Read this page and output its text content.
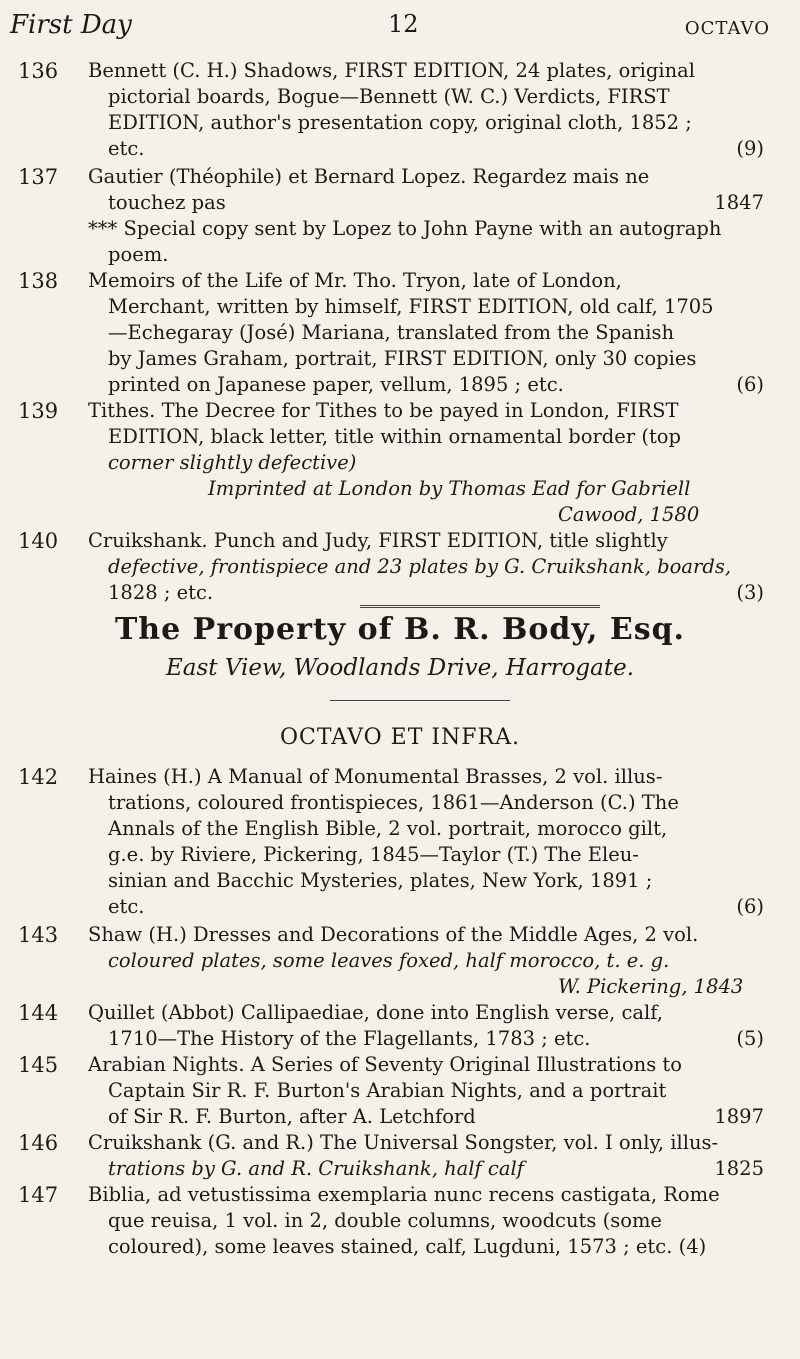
First Day	12	OCTAVO
136 Bennett (C. H.) Shadows, FIRST EDITION, 24 plates, original
pictorial boards, Bogue—Bennett (W. C.) Verdicts, FIRST
EDITION, author's presentation copy, original cloth, 1852 ;
etc.	(9)
137 Gautier (Théophile) et Bernard Lopez. Regardez mais ne
touchez pas	1847
*** Special copy sent by Lopez to John Payne with an autograph
poem.
138 Memoirs of the Life of Mr. Tho. Tryon, late of London,
Merchant, written by himself, FIRST EDITION, old calf, 1705
—Echegaray (José) Mariana, translated from the Spanish
by James Graham, portrait, FIRST EDITION, only 30 copies
printed on Japanese paper, vellum, 1895 ; etc.	(6)
139 Tithes. The Decree for Tithes to be payed in London, FIRST
EDITION, black letter, title within ornamental border (top
corner slightly defective)
Imprinted at London by Thomas Ead for Gabriell
Cawood, 1580
140 Cruikshank. Punch and Judy, FIRST EDITION, title slightly
defective, frontispiece and 23 plates by G. Cruikshank, boards,
1828 ; etc.	(3)
The Property of B. R. Body, Esq.
East View, Woodlands Drive, Harrogate.
OCTAVO ET INFRA.
142 Haines (H.) A Manual of Monumental Brasses, 2 vol. illus-
trations, coloured frontispieces, 1861—Anderson (C.) The
Annals of the English Bible, 2 vol. portrait, morocco gilt,
g.e. by Riviere, Pickering, 1845—Taylor (T.) The Eleu-
sinian and Bacchic Mysteries, plates, New York, 1891 ;
etc.	(6)
143 Shaw (H.) Dresses and Decorations of the Middle Ages, 2 vol.
coloured plates, some leaves foxed, half morocco, t. e. g.
W. Pickering, 1843
144 Quillet (Abbot) Callipaediae, done into English verse, calf,
1710—The History of the Flagellants, 1783 ; etc.	(5)
145 Arabian Nights. A Series of Seventy Original Illustrations to
Captain Sir R. F. Burton's Arabian Nights, and a portrait
of Sir R. F. Burton, after A. Letchford	1897
146 Cruikshank (G. and R.) The Universal Songster, vol. I only, illus-
trations by G. and R. Cruikshank, half calf	1825
147 Biblia, ad vetustissima exemplaria nunc recens castigata, Rome
que reuisa, 1 vol. in 2, double columns, woodcuts (some
coloured), some leaves stained, calf, Lugduni, 1573 ; etc. (4)
